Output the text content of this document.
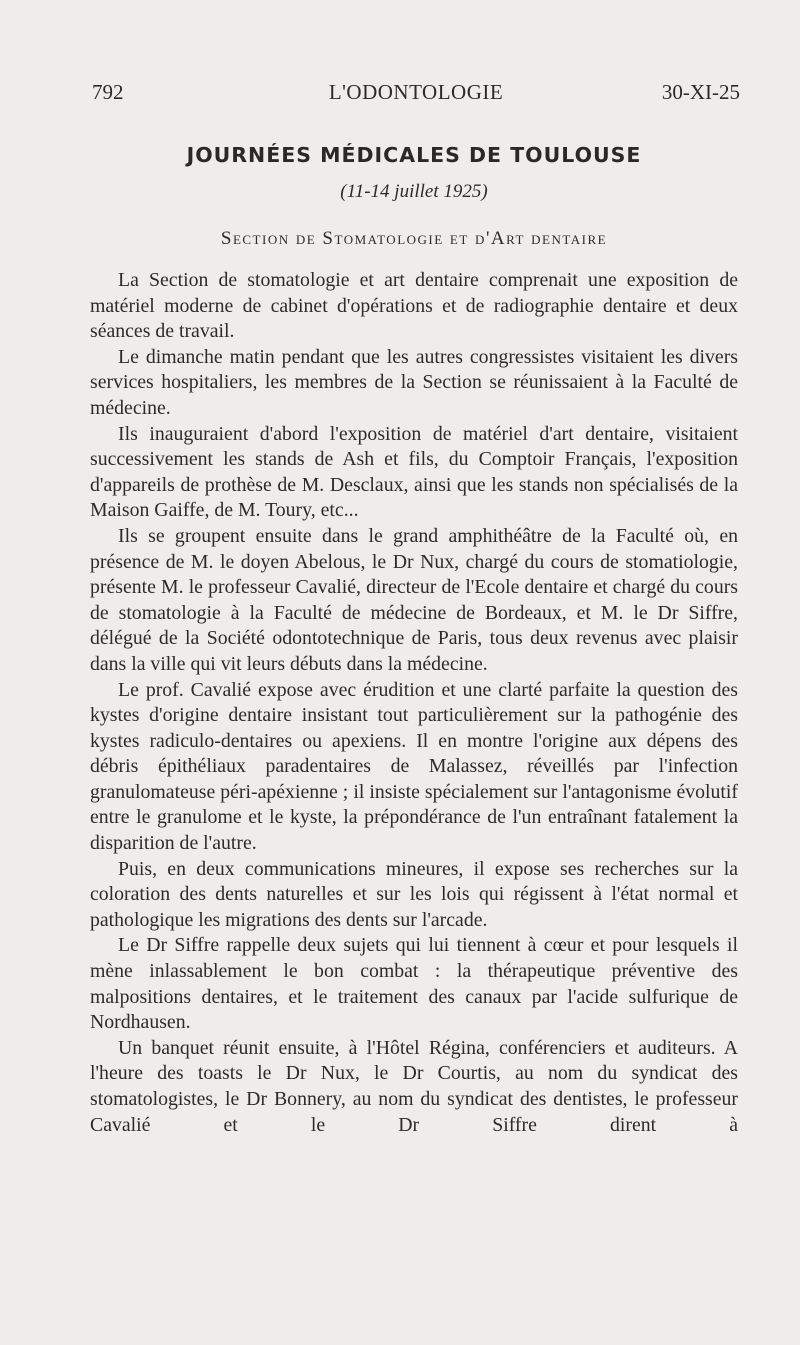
792	L'ODONTOLOGIE	30-XI-25
JOURNÉES MÉDICALES DE TOULOUSE
(11-14 juillet 1925)
Section de Stomatologie et d'Art dentaire

La Section de stomatologie et art dentaire comprenait une exposition de matériel moderne de cabinet d'opérations et de radiographie dentaire et deux séances de travail.

Le dimanche matin pendant que les autres congressistes visitaient les divers services hospitaliers, les membres de la Section se réunissaient à la Faculté de médecine.

Ils inauguraient d'abord l'exposition de matériel d'art dentaire, visitaient successivement les stands de Ash et fils, du Comptoir Français, l'exposition d'appareils de prothèse de M. Desclaux, ainsi que les stands non spécialisés de la Maison Gaiffe, de M. Toury, etc...

Ils se groupent ensuite dans le grand amphithéâtre de la Faculté où, en présence de M. le doyen Abelous, le Dr Nux, chargé du cours de stomatiologie, présente M. le professeur Cavalié, directeur de l'Ecole dentaire et chargé du cours de stomatologie à la Faculté de médecine de Bordeaux, et M. le Dr Siffre, délégué de la Société odontotechnique de Paris, tous deux revenus avec plaisir dans la ville qui vit leurs débuts dans la médecine.

Le prof. Cavalié expose avec érudition et une clarté parfaite la question des kystes d'origine dentaire insistant tout particulièrement sur la pathogénie des kystes radiculo-dentaires ou apexiens. Il en montre l'origine aux dépens des débris épithéliaux paradentaires de Malassez, réveillés par l'infection granulomateuse péri-apéxienne ; il insiste spécialement sur l'antagonisme évolutif entre le granulome et le kyste, la prépondérance de l'un entraînant fatalement la disparition de l'autre.

Puis, en deux communications mineures, il expose ses recherches sur la coloration des dents naturelles et sur les lois qui régissent à l'état normal et pathologique les migrations des dents sur l'arcade.

Le Dr Siffre rappelle deux sujets qui lui tiennent à cœur et pour lesquels il mène inlassablement le bon combat : la thérapeutique préventive des malpositions dentaires, et le traitement des canaux par l'acide sulfurique de Nordhausen.

Un banquet réunit ensuite, à l'Hôtel Régina, conférenciers et auditeurs. A l'heure des toasts le Dr Nux, le Dr Courtis, au nom du syndicat des stomatologistes, le Dr Bonnery, au nom du syndicat des dentistes, le professeur Cavalié et le Dr Siffre dirent à
